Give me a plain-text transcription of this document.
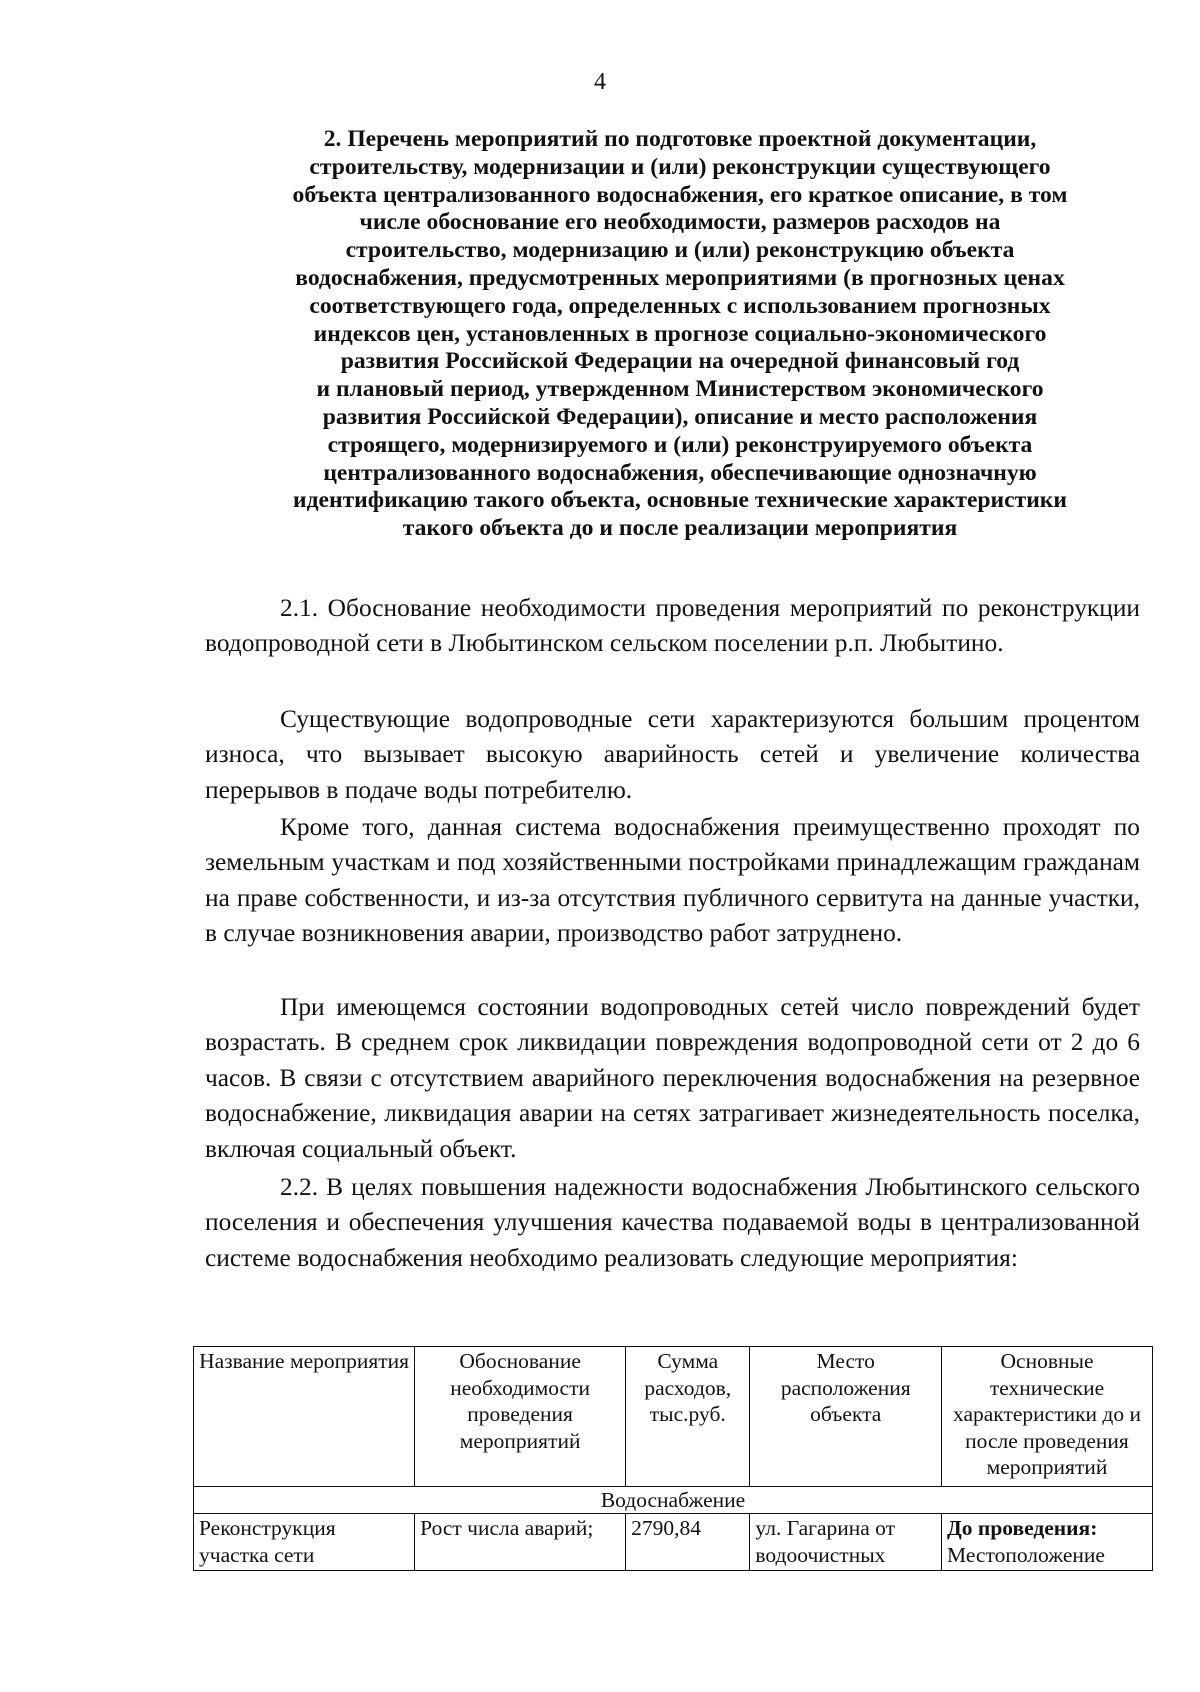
4
2. Перечень мероприятий по подготовке проектной документации,
строительству, модернизации и (или) реконструкции существующего
объекта централизованного водоснабжения, его краткое описание, в том
числе обоснование его необходимости, размеров расходов на
строительство, модернизацию и (или) реконструкцию объекта
водоснабжения, предусмотренных мероприятиями (в прогнозных ценах
соответствующего года, определенных с использованием прогнозных
индексов цен, установленных в прогнозе социально-экономического
развития Российской Федерации на очередной финансовый год
и плановый период, утвержденном Министерством экономического
развития Российской Федерации), описание и место расположения
строящего, модернизируемого и (или) реконструируемого объекта
централизованного водоснабжения, обеспечивающие однозначную
идентификацию такого объекта, основные технические характеристики
такого объекта до и после реализации мероприятия

2.1. Обоснование необходимости проведения мероприятий по реконструкции водопроводной сети в Любытинском сельском поселении р.п. Любытино.

Существующие водопроводные сети характеризуются большим процентом износа, что вызывает высокую аварийность сетей и увеличение количества перерывов в подаче воды потребителю.

Кроме того, данная система водоснабжения преимущественно проходят по земельным участкам и под хозяйственными постройками принадлежащим гражданам на праве собственности, и из-за отсутствия публичного сервитута на данные участки, в случае возникновения аварии, производство работ затруднено.

При имеющемся состоянии водопроводных сетей число повреждений будет возрастать. В среднем срок ликвидации повреждения водопроводной сети от 2 до 6 часов. В связи с отсутствием аварийного переключения водоснабжения на резервное водоснабжение, ликвидация аварии на сетях затрагивает жизнедеятельность поселка, включая социальный объект.

2.2. В целях повышения надежности водоснабжения Любытинского сельского поселения и обеспечения улучшения качества подаваемой воды в централизованной системе водоснабжения необходимо реализовать следующие мероприятия:

Название мероприятия	Обоснование необходимости проведения мероприятий	Сумма расходов, тыс.руб.	Место расположения объекта	Основные технические характеристики до и после проведения мероприятий
Водоснабжение				
Реконструкция участка сети	Рост числа аварий;	2790,84	ул. Гагарина от водоочистных	До проведения:
Местоположение
